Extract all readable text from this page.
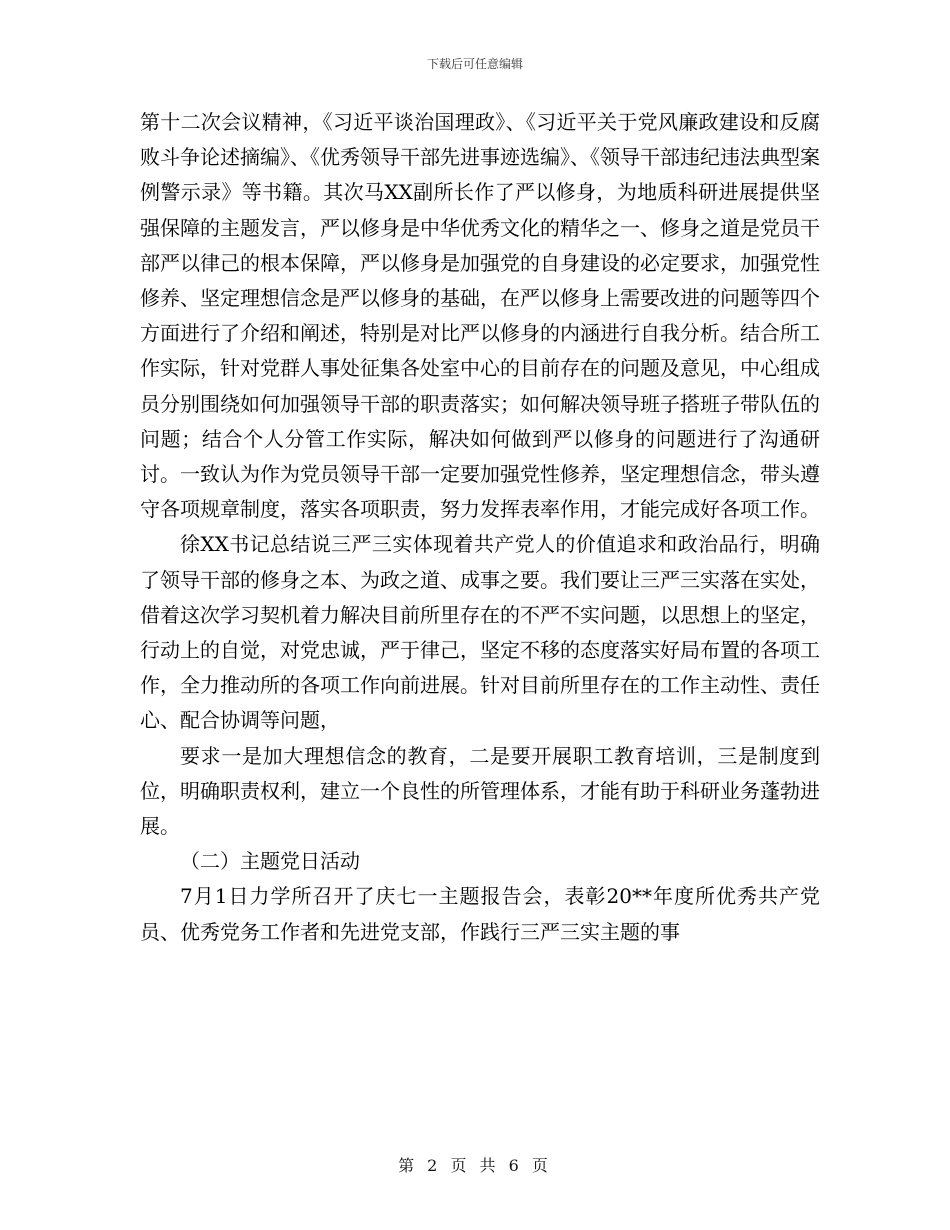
下载后可任意编辑

第十二次会议精神，《习近平谈治国理政》、《习近平关于党风廉政建设和反腐败斗争论述摘编》、《优秀领导干部先进事迹选编》、《领导干部违纪违法典型案例警示录》等书籍。其次马XX副所长作了严以修身，为地质科研进展提供坚强保障的主题发言，严以修身是中华优秀文化的精华之一、修身之道是党员干部严以律己的根本保障，严以修身是加强党的自身建设的必定要求，加强党性修养、坚定理想信念是严以修身的基础，在严以修身上需要改进的问题等四个方面进行了介绍和阐述，特别是对比严以修身的内涵进行自我分析。结合所工作实际，针对党群人事处征集各处室中心的目前存在的问题及意见，中心组成员分别围绕如何加强领导干部的职责落实；如何解决领导班子搭班子带队伍的问题；结合个人分管工作实际，解决如何做到严以修身的问题进行了沟通研讨。一致认为作为党员领导干部一定要加强党性修养，坚定理想信念，带头遵守各项规章制度，落实各项职责，努力发挥表率作用，才能完成好各项工作。

徐XX书记总结说三严三实体现着共产党人的价值追求和政治品行，明确了领导干部的修身之本、为政之道、成事之要。我们要让三严三实落在实处，借着这次学习契机着力解决目前所里存在的不严不实问题，以思想上的坚定，行动上的自觉，对党忠诚，严于律己，坚定不移的态度落实好局布置的各项工作，全力推动所的各项工作向前进展。针对目前所里存在的工作主动性、责任心、配合协调等问题，

要求一是加大理想信念的教育，二是要开展职工教育培训，三是制度到位，明确职责权利，建立一个良性的所管理体系，才能有助于科研业务蓬勃进展。

（二）主题党日活动

7月1日力学所召开了庆七一主题报告会，表彰20**年度所优秀共产党员、优秀党务工作者和先进党支部，作践行三严三实主题的事

第 2 页 共 6 页
